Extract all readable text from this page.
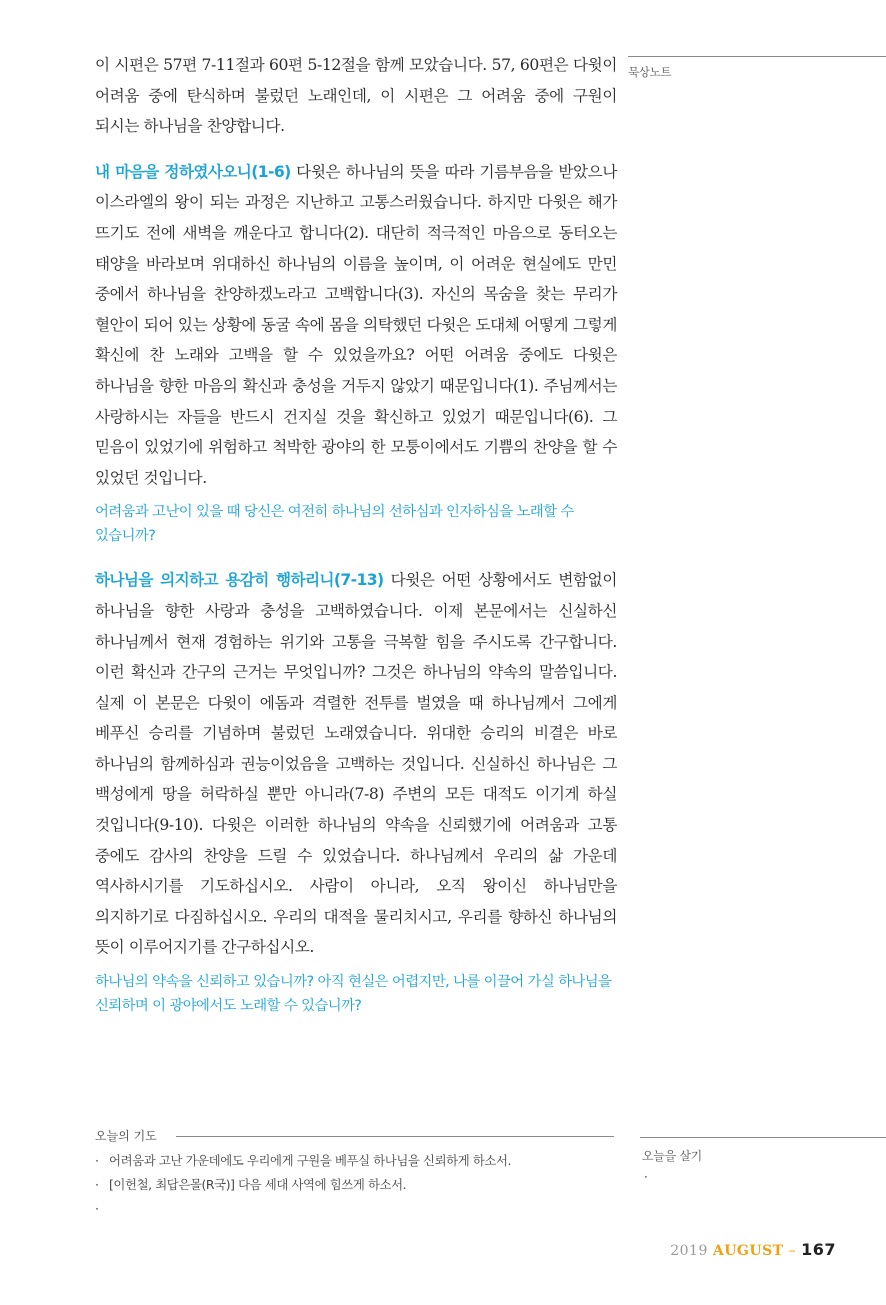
묵상노트

이 시편은 57편 7-11절과 60편 5-12절을 함께 모았습니다. 57, 60편은 다윗이 어려움 중에 탄식하며 불렀던 노래인데, 이 시편은 그 어려움 중에 구원이 되시는 하나님을 찬양합니다.

내 마음을 정하였사오니(1-6) 다윗은 하나님의 뜻을 따라 기름부음을 받았으나 이스라엘의 왕이 되는 과정은 지난하고 고통스러웠습니다. 하지만 다윗은 해가 뜨기도 전에 새벽을 깨운다고 합니다(2). 대단히 적극적인 마음으로 동터오는 태양을 바라보며 위대하신 하나님의 이름을 높이며, 이 어려운 현실에도 만민 중에서 하나님을 찬양하겠노라고 고백합니다(3). 자신의 목숨을 찾는 무리가 혈안이 되어 있는 상황에 동굴 속에 몸을 의탁했던 다윗은 도대체 어떻게 그렇게 확신에 찬 노래와 고백을 할 수 있었을까요? 어떤 어려움 중에도 다윗은 하나님을 향한 마음의 확신과 충성을 거두지 않았기 때문입니다(1). 주님께서는 사랑하시는 자들을 반드시 건지실 것을 확신하고 있었기 때문입니다(6). 그 믿음이 있었기에 위험하고 척박한 광야의 한 모퉁이에서도 기쁨의 찬양을 할 수 있었던 것입니다.

어려움과 고난이 있을 때 당신은 여전히 하나님의 선하심과 인자하심을 노래할 수 있습니까?

하나님을 의지하고 용감히 행하리니(7-13) 다윗은 어떤 상황에서도 변함없이 하나님을 향한 사랑과 충성을 고백하였습니다. 이제 본문에서는 신실하신 하나님께서 현재 경험하는 위기와 고통을 극복할 힘을 주시도록 간구합니다. 이런 확신과 간구의 근거는 무엇입니까? 그것은 하나님의 약속의 말씀입니다. 실제 이 본문은 다윗이 에돔과 격렬한 전투를 벌였을 때 하나님께서 그에게 베푸신 승리를 기념하며 불렀던 노래였습니다. 위대한 승리의 비결은 바로 하나님의 함께하심과 권능이었음을 고백하는 것입니다. 신실하신 하나님은 그 백성에게 땅을 허락하실 뿐만 아니라(7-8) 주변의 모든 대적도 이기게 하실 것입니다(9-10). 다윗은 이러한 하나님의 약속을 신뢰했기에 어려움과 고통 중에도 감사의 찬양을 드릴 수 있었습니다. 하나님께서 우리의 삶 가운데 역사하시기를 기도하십시오. 사람이 아니라, 오직 왕이신 하나님만을 의지하기로 다짐하십시오. 우리의 대적을 물리치시고, 우리를 향하신 하나님의 뜻이 이루어지기를 간구하십시오.

하나님의 약속을 신뢰하고 있습니까? 아직 현실은 어렵지만, 나를 이끌어 가실 하나님을 신뢰하며 이 광야에서도 노래할 수 있습니까?

오늘의 기도
· 어려움과 고난 가운데에도 우리에게 구원을 베푸실 하나님을 신뢰하게 하소서.
· [이헌철, 최답은몰(R국)] 다음 세대 사역에 힘쓰게 하소서.
·
오늘을 살기
·
2019 AUGUST – 167
